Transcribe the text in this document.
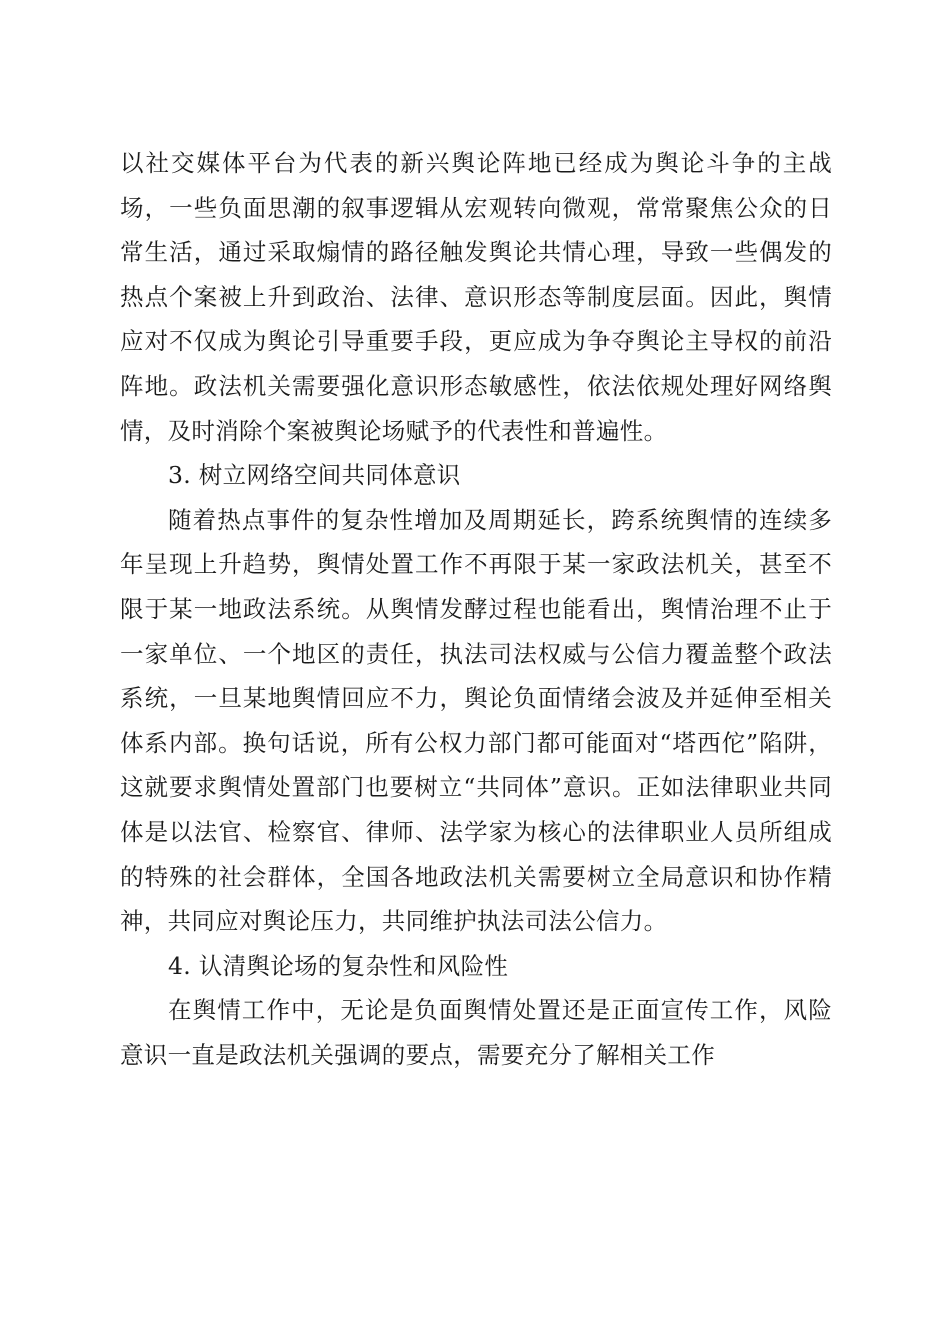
以社交媒体平台为代表的新兴舆论阵地已经成为舆论斗争的主战场，一些负面思潮的叙事逻辑从宏观转向微观，常常聚焦公众的日常生活，通过采取煽情的路径触发舆论共情心理，导致一些偶发的热点个案被上升到政治、法律、意识形态等制度层面。因此，舆情应对不仅成为舆论引导重要手段，更应成为争夺舆论主导权的前沿阵地。政法机关需要强化意识形态敏感性，依法依规处理好网络舆情，及时消除个案被舆论场赋予的代表性和普遍性。

3. 树立网络空间共同体意识

随着热点事件的复杂性增加及周期延长，跨系统舆情的连续多年呈现上升趋势，舆情处置工作不再限于某一家政法机关，甚至不限于某一地政法系统。从舆情发酵过程也能看出，舆情治理不止于一家单位、一个地区的责任，执法司法权威与公信力覆盖整个政法系统，一旦某地舆情回应不力，舆论负面情绪会波及并延伸至相关体系内部。换句话说，所有公权力部门都可能面对“塔西佗”陷阱，这就要求舆情处置部门也要树立“共同体”意识。正如法律职业共同体是以法官、检察官、律师、法学家为核心的法律职业人员所组成的特殊的社会群体，全国各地政法机关需要树立全局意识和协作精神，共同应对舆论压力，共同维护执法司法公信力。

4. 认清舆论场的复杂性和风险性

在舆情工作中，无论是负面舆情处置还是正面宣传工作，风险意识一直是政法机关强调的要点，需要充分了解相关工作
